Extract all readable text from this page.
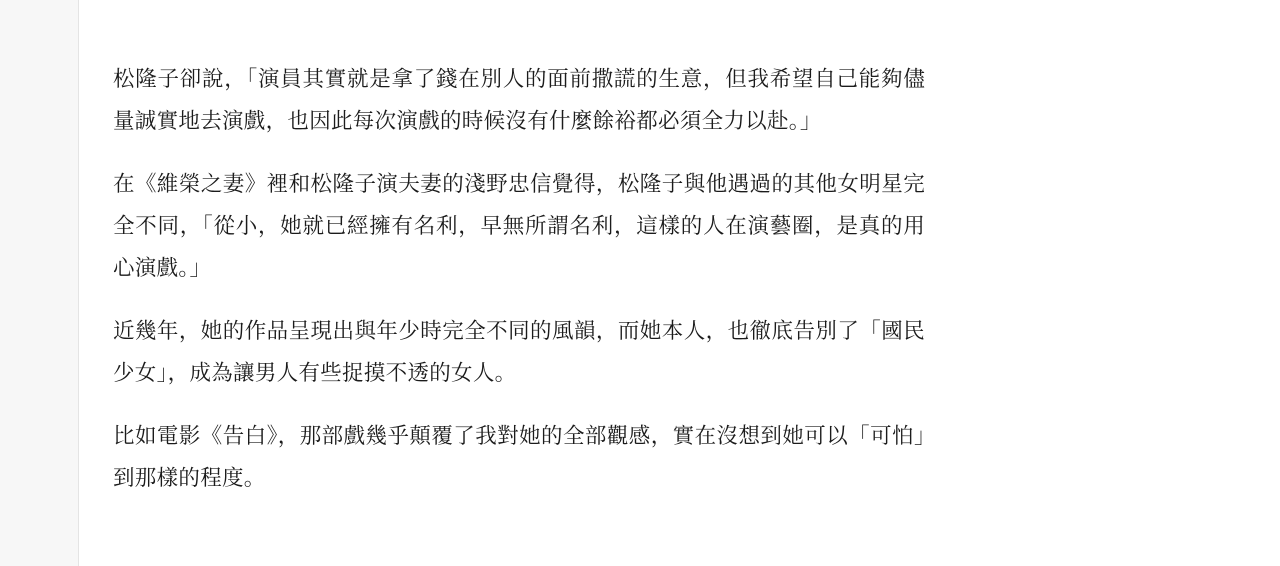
松隆子卻說，「演員其實就是拿了錢在別人的面前撒謊的生意，但我希望自己能夠儘量誠實地去演戲，也因此每次演戲的時候沒有什麼餘裕都必須全力以赴。」

在《維榮之妻》裡和松隆子演夫妻的淺野忠信覺得，松隆子與他遇過的其他女明星完全不同，「從小，她就已經擁有名利，早無所謂名利，這樣的人在演藝圈，是真的用心演戲。」

近幾年，她的作品呈現出與年少時完全不同的風韻，而她本人，也徹底告別了「國民少女」，成為讓男人有些捉摸不透的女人。

比如電影《告白》，那部戲幾乎顛覆了我對她的全部觀感，實在沒想到她可以「可怕」到那樣的程度。
